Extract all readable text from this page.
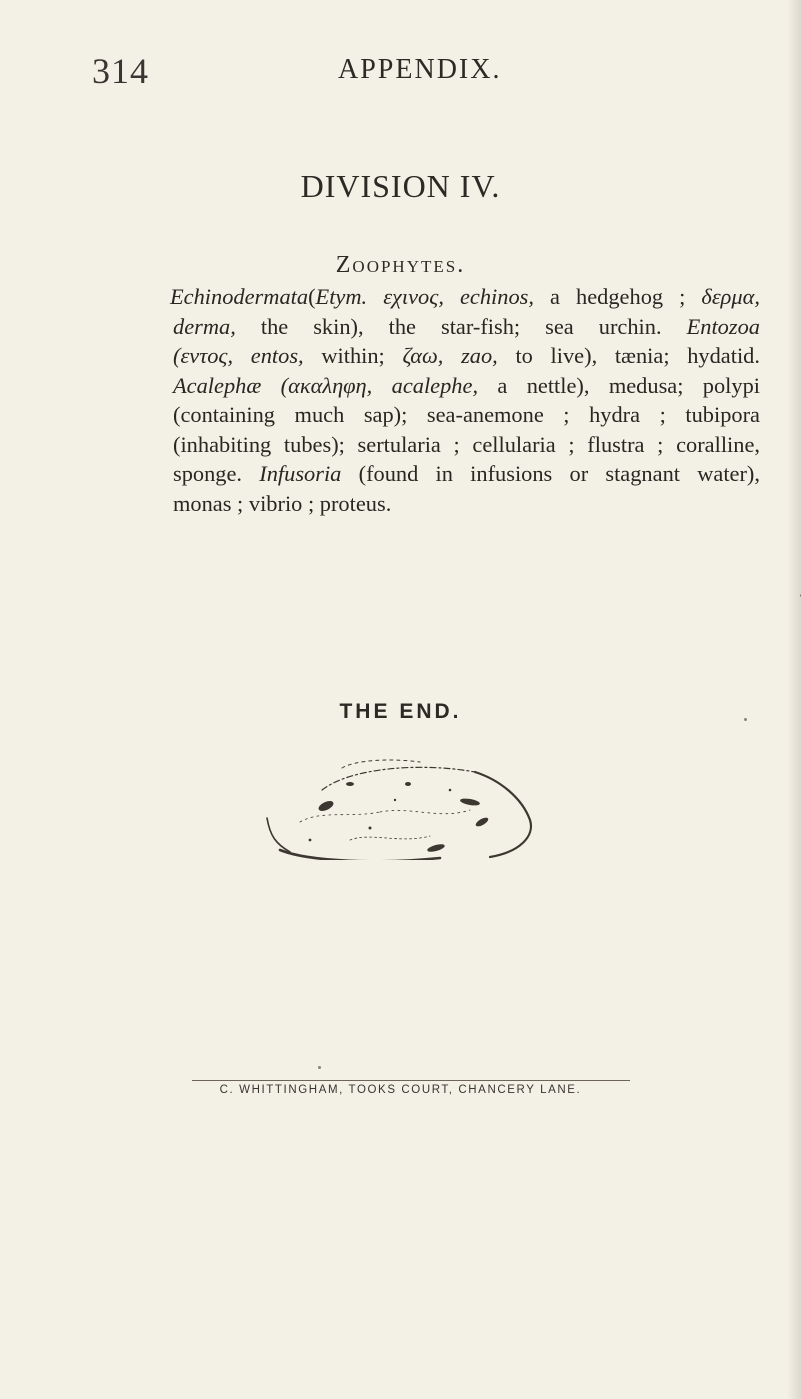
314	APPENDIX.
DIVISION IV.
Zoophytes.
Echinodermata(Etym. εχινος, echinos, a hedgehog ; δερμα,
derma, the skin), the star-fish; sea urchin. Entozoa
(εντος, entos, within; ζαω, zao, to live), tænia; hydatid.
Acalephæ (ακαληφη, acalephe, a nettle), medusa; polypi
(containing much sap); sea-anemone ; hydra ; tubipora
(inhabiting tubes); sertularia ; cellularia ; flustra ; coralline,
sponge. Infusoria (found in infusions or stagnant water),
monas ; vibrio ; proteus.
THE END.
C. WHITTINGHAM, TOOKS COURT, CHANCERY LANE.
